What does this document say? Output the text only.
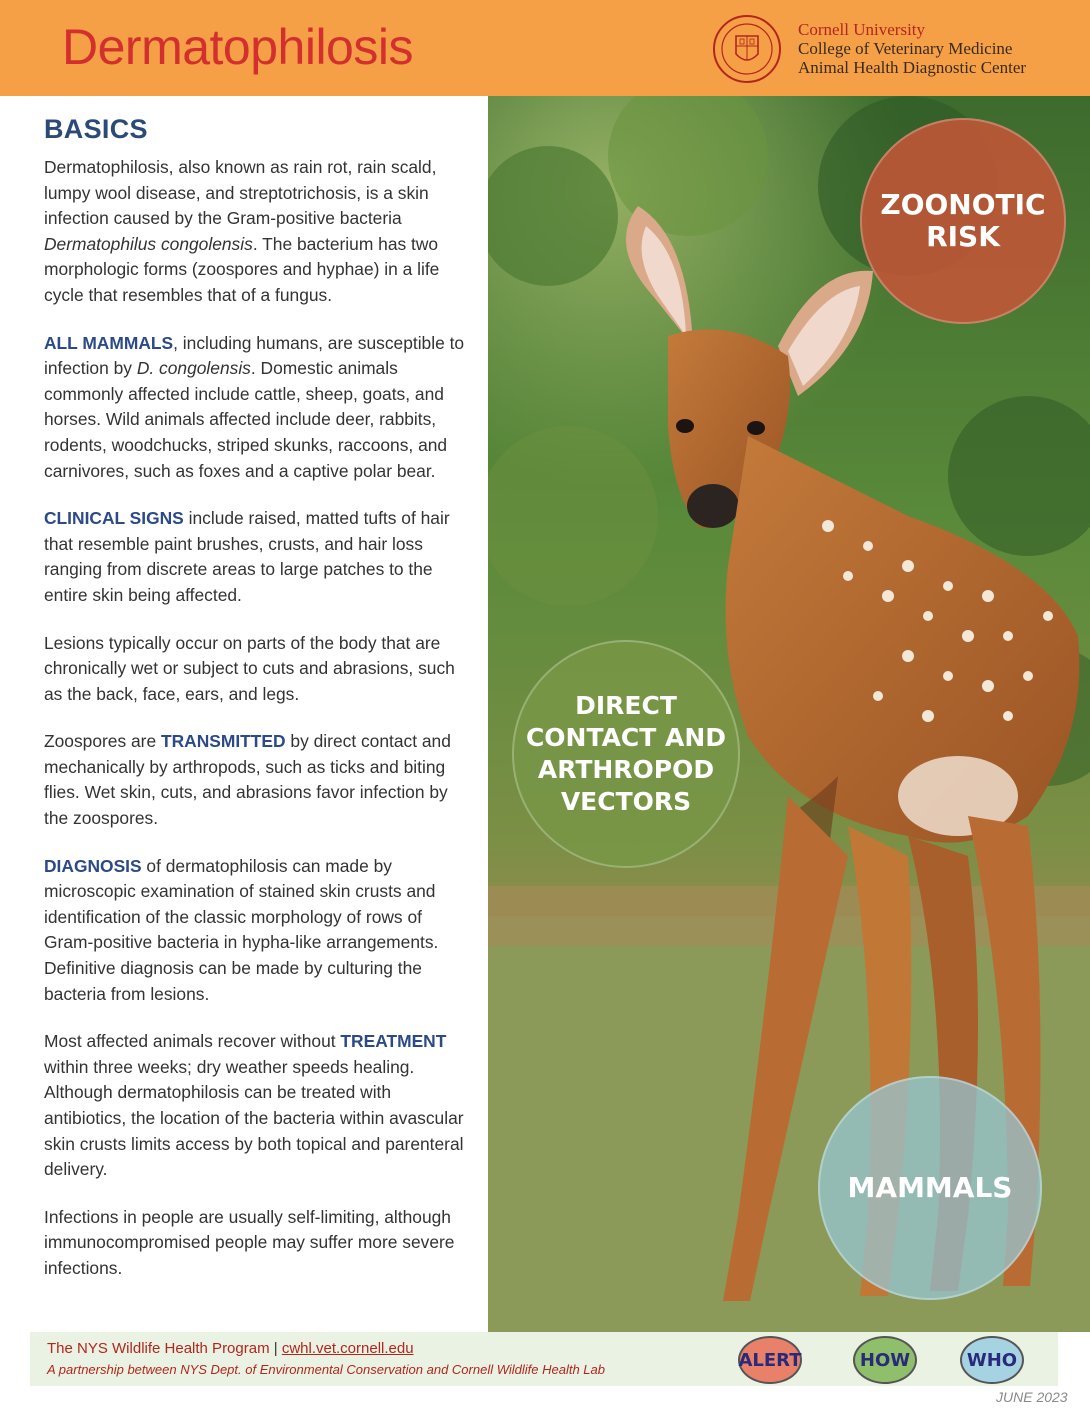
Dermatophilosis	Cornell University
College of Veterinary Medicine
Animal Health Diagnostic Center
BASICS

Dermatophilosis, also known as rain rot, rain scald, lumpy wool disease, and streptotrichosis, is a skin infection caused by the Gram-positive bacteria Dermatophilus congolensis. The bacterium has two morphologic forms (zoospores and hyphae) in a life cycle that resembles that of a fungus.

ALL MAMMALS, including humans, are susceptible to infection by D. congolensis. Domestic animals commonly affected include cattle, sheep, goats, and horses. Wild animals affected include deer, rabbits, rodents, woodchucks, striped skunks, raccoons, and carnivores, such as foxes and a captive polar bear.

CLINICAL SIGNS include raised, matted tufts of hair that resemble paint brushes, crusts, and hair loss ranging from discrete areas to large patches to the entire skin being affected.

Lesions typically occur on parts of the body that are chronically wet or subject to cuts and abrasions, such as the back, face, ears, and legs.

Zoospores are TRANSMITTED by direct contact and mechanically by arthropods, such as ticks and biting flies. Wet skin, cuts, and abrasions favor infection by the zoospores.

DIAGNOSIS of dermatophilosis can made by microscopic examination of stained skin crusts and identification of the classic morphology of rows of Gram-positive bacteria in hypha-like arrangements. Definitive diagnosis can be made by culturing the bacteria from lesions.

Most affected animals recover without TREATMENT within three weeks; dry weather speeds healing. Although dermatophilosis can be treated with antibiotics, the location of the bacteria within avascular skin crusts limits access by both topical and parenteral delivery.

Infections in people are usually self-limiting, although immunocompromised people may suffer more severe infections.

ZOONOTIC RISK
DIRECT CONTACT AND ARTHROPOD VECTORS
MAMMALS
The NYS Wildlife Health Program | cwhl.vet.cornell.edu
A partnership between NYS Dept. of Environmental Conservation and Cornell Wildlife Health Lab	ALERT	HOW	WHO
JUNE 2023
